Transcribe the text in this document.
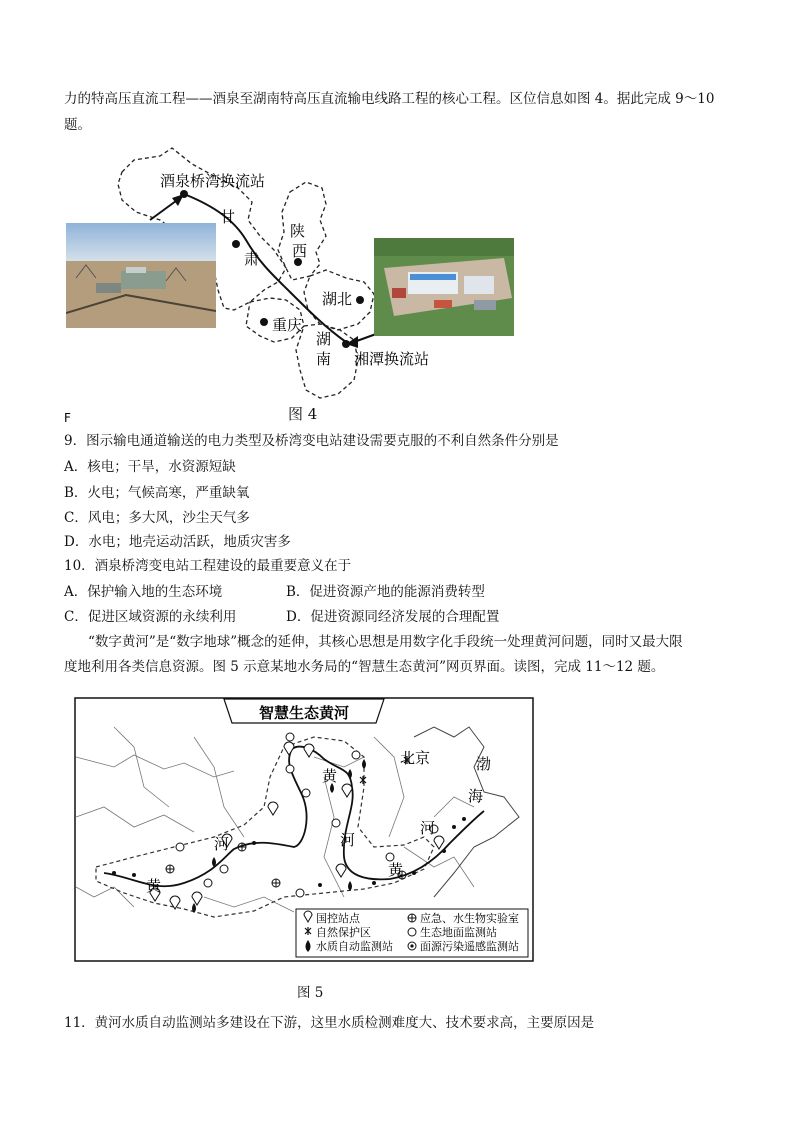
力的特高压直流工程——酒泉至湖南特高压直流输电线路工程的核心工程。区位信息如图 4。据此完成 9～10
题。
酒泉桥湾换流站
甘
肃
陕
西
湖北
重庆
湖
南 湘潭换流站
F	图 4
9．图示输电通道输送的电力类型及桥湾变电站建设需要克服的不利自然条件分别是
A．核电；干旱，水资源短缺
B．火电；气候高寒，严重缺氧
C．风电；多大风，沙尘天气多
D．水电；地壳运动活跃，地质灾害多
10．酒泉桥湾变电站工程建设的最重要意义在于
A．保护输入地的生态环境	B．促进资源产地的能源消费转型
C．促进区域资源的永续利用	D．促进资源同经济发展的合理配置
“数字黄河”是“数字地球”概念的延伸，其核心思想是用数字化手段统一处理黄河问题，同时又最大限
度地利用各类信息资源。图 5 示意某地水务局的“智慧生态黄河”网页界面。读图，完成 11～12 题。
智慧生态黄河
黄
河
河
黄
黄
河
北京	渤
海
国控站点	应急、水生物实验室
自然保护区	生态地面监测站
水质自动监测站 面源污染遥感监测站
图 5
11．黄河水质自动监测站多建设在下游，这里水质检测难度大、技术要求高，主要原因是
